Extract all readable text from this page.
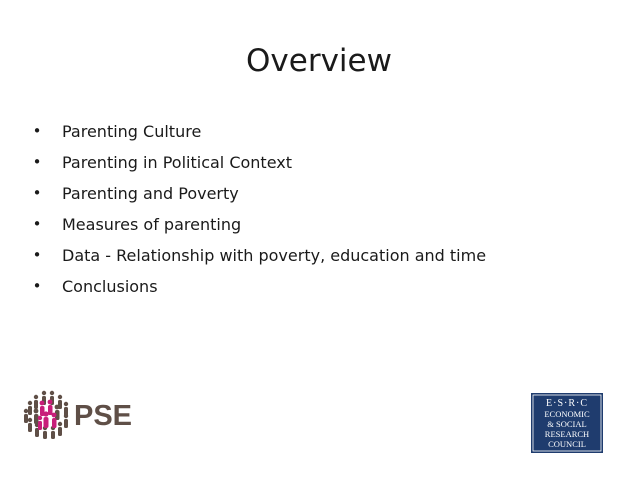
Overview
• Parenting Culture
• Parenting in Political Context
• Parenting and Poverty
• Measures of parenting
• Data - Relationship with poverty, education and time
• Conclusions
PSE	E·S·R·C
ECONOMIC
& SOCIAL
RESEARCH
COUNCIL
